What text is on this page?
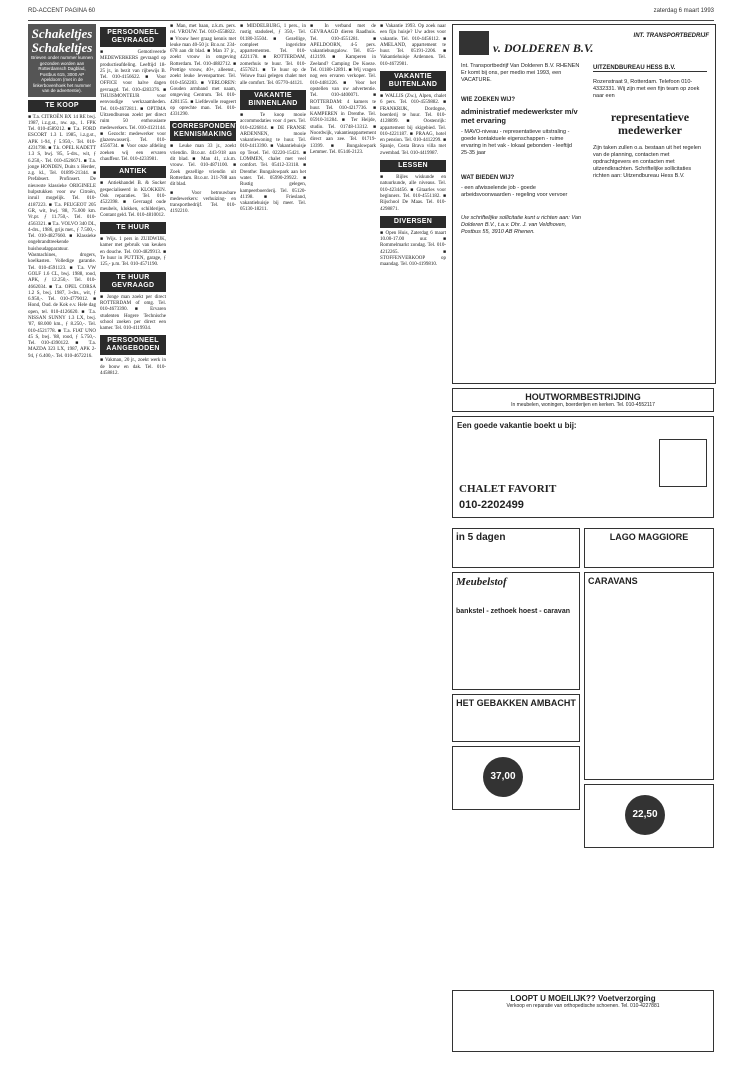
RD-ACCENT PAGINA 60	zaterdag 6 maart 1993
Schakeltjes Schakeltjes
Brieven onder nummer kunnen gezonden worden aan Rotterdamsch Dagblad, Postbus 615, 3000 AP Apeldoorn (met in de linkerbovenhoek het nummer van de advertentie).
TE KOOP

■ T.a. CITROËN BX 14 RE bwj. 1987, i.z.g.st., nw. ap., 1. FPK Tel. 010-4589212. ■ T.a. FORD ESCORT 1.3 L 1985, i.z.g.st., APK 1-94, ƒ 5.950,-. Tel. 010-4231798. ■ T.k. OPEL KADETT 1.3 S, bwj. '85, 5-drs., wit, ƒ 6.250,-. Tel. 010-4526671. ■ T.a. jonge HONDEN, Duits x Herder, z.g. kl., Tel. 01899-21344. ■ Prefabsert. Profinsert. De nieuwste klassieke ORIGINELE hulpstukken voor uw Citroën, inruil mogelijk. Tel. 010-4187223. ■ T.a. PEUGEOT 205 GR, wit, bwj. '88, 75.000 km. Vr.pr. ƒ 11.750,-. Tel. 010-4563321. ■ T.a. VOLVO 340 DL, 4-drs., 1986, grijs met., ƒ 7.500,-. Tel. 010-4827660. ■ Klassieke ongebrandtreekende huishoudapparatuur. Wasmachines, drogers, koelkasten. Volledige garantie. Tel. 010-4591123. ■ T.a. VW GOLF 1.6 CL, bwj. 1988, rood, APK, ƒ 12.250,-. Tel. 010-4662034. ■ T.a. OPEL CORSA 1.2 S, bwj. 1987, 3-drs., wit, ƒ 6.950,-. Tel. 010-4779012. ■ Hond, Oud. de Kok e.v. Hele dag open, tel. 010-4126620. ■ T.a. NISSAN SUNNY 1.3 LX, bwj. '87, 68.000 km., ƒ 8.250,-. Tel. 010-4521778. ■ T.a. FIAT UNO 45 S, bwj. '88, rood, ƒ 5.750,-. Tel. 010-4390122. ■ T.a. MAZDA 323 LX, 1987, APK 2-94, ƒ 6.400,-. Tel. 010-4672216.

PERSOONEEL GEVRAAGD

■ Gemotiveerde MEDEWERKERS gevraagd op productieafdeling. Leeftijd 18-25 jr., in bezit van rijbewijs B. Tel. 010-4156622. ■ Voor OFFICE voor halve dagen gevraagd. Tel. 010-4283376. ■ THUISMONTEUR voor eenvoudige werkzaamheden. Tel. 010-4672811. ■ OPTIMA Uitzendbureau zoekt per direct ruim 50 enthousiaste medewerkers. Tel. 010-4121144. ■ Gezocht: medewerker voor glazenwasserij. Tel. 010-4556734. ■ Voor onze afdeling zoeken wij een ervaren chauffeur. Tel. 010-4233981.

ANTIEK

■ Antiekhandel B. & Sucker gespecialiseerd in KLOKKEN. Ook reparaties. Tel. 010-4522398. ■ Gevraagd oude meubels, klokken, schilderijen, Contant geld. Tel. 010-4810012.

TE HUUR

■ Wijs. 1 pers in ZUIDWIJK, kamer met gebruik van keuken en douche. Tel. 010-4829913. ■ Te huur in PUTTEN, garage, ƒ 125,- p.m. Tel. 010-4571190.

TE HUUR GEVRAAGD

■ Jonge man zoekt per direct ROTTERDAM of omg. Tel. 010-4673390. ■ Ervaren studenten Hogere Technische school zoeken per direct een kamer. Tel. 010-4119934.

PERSOONEEL AANGEBODEN

■ Vakman, 20 jr., zoekt werk in de bouw en dak. Tel. 010-4458812.

■ Man, met baan, z.k.m. pers. rel. VROUW. Tel. 010-4558822. ■ Vrouw heer graag kennis met leuke man 40-50 jr. Br.o.nr. 234-678 aan dit blad. ■ Man 37 jr., zoekt vrouw in omgeving Rotterdam. Tel. 010-4882712. ■ Prettige vrouw, 40+, alleenst., zoekt leuke levenspartner. Tel. 010-4562283. ■ VERLOREN: Gouden armband met naam, omgeving Centrum. Tel. 010-4281155. ■ Liefdevolle reageert op oprechte man. Tel. 010-4331290.

CORRESPONDENTIE KENNISMAKING

■ Leuke man 33 jr., zoekt vriendin. Br.o.nr. 443-918 aan dit blad. ■ Man 41, z.k.m. vrouw. Tel. 010-4871100. ■ Zoek gezellige vriendin uit Rotterdam. Br.o.nr. 311-788 aan dit blad.

■ Voor betrouwbare medewerkers: verhuizing- en transportbedrijf. Tel. 010-4192210.

■ MIDDELBURG, 1 pers., in rustig stadsdeel, ƒ 350,- Tel. 01180-35504. ■ Gezellige, compleet ingerichte appartementen. Tel. 010-4221178. ■ ROTTERDAM, zomerhuis te huur. Tel. 010-4557621. ■ Te huur op de Veluwe fraai gelegen chalet met alle comfort. Tel. 05770-44121.

VAKANTIE BINNENLAND

■ Te koop mooie accommodaties voor 4 pers. Tel. 010-4226814. ■ DE FRANSE ARDENNEN, mooie vakantiewoning te huur. Tel. 010-4413390. ■ Vakantiehuisje op Texel. Tel. 02220-15421. ■ LOMMEN, chalet met veel comfort. Tel. 05412-33118. ■ Drenthe: Bungalowpark aan het water. Tel. 05990-29922. ■ Rustig gelegen, kampeerboerderij. Tel. 05120-41198. ■ Friesland, vakantiehuisje bij meer. Tel. 05130-18211.

■ In verband met de GEVRAAGD dieren Raadhuis. Tel. 010-4551281. ■ APELDOORN, 4-5 pers. vakantiebungalow. Tel. 055-412199. ■ Kamperen in Zeeland? Camping De Koeze. Tel. 01180-12891. ■ Wij vragen nog een ervaren verkoper. Tel. 010-4481226. ■ Voor het opstellen van uw advertentie. Tel. 010-4400071. ■ ROTTERDAM: 4 kamers te huur. Tel. 010-4217736. ■ KAMPEREN in Drenthe. Tel. 05910-31284. ■ Ter Heijde, studio. Tel. 01748-13312. ■ Noordwijk, vakantieappartement direct aan zee. Tel. 01719-13399. ■ Bungalowpark Lemmer. Tel. 05146-2123.

■ Vakantie 1993. Op zoek naar een fijn huisje? Uw adres voor vakantie. Tel. 010-4456112. ■ AMELAND, appartement te huur. Tel. 05191-2206. ■ Vakantiehuisje Ardennen. Tel. 010-4672981.

VAKANTIE BUITENLAND

■ WALLIS (Zw.), Alpen, chalet 6 pers. Tel. 010-4559882. ■ FRANKRIJK, Dordogne, boerderij te huur. Tel. 010-4128899. ■ Oostenrijk: appartement bij skigebied. Tel. 010-4221187. ■ PRAAG, hotel en pension. Tel. 010-4412299. ■ Spanje, Costa Brava villa met zwembad. Tel. 010-4419987.

LESSEN

■ Bijles wiskunde en natuurkunde, alle niveaus. Tel. 010-4234456. ■ Gitaarles voor beginners. Tel. 010-4551182. ■ Rijschool De Maas. Tel. 010-4298871.

DIVERSEN

■ Open Huis, Zaterdag 6 maart 10.00-17.00 uur. ■ Rommelmarkt zondag. Tel. 010-4212265. ■ STOFFENVERKOOP op maandag. Tel. 010-4199810.

INT. TRANSPORTBEDRIJF
v. DOLDEREN B.V.
Int. Transportbedrijf Van Dolderen B.V. RHENEN Er komt bij ons, per medio mei 1993, een VACATURE.
WIE ZOEKEN WIJ?
administratief medewerkster m/v met ervaring
- MAVO-niveau - representatieve uitstraling - goede kontaktuele eigenschappen - ruime ervaring in het vak - lokaal gebonden - leeftijd 25-35 jaar
WAT BIEDEN WIJ?
- een afwisselende job - goede arbeidsvoorwaarden - regeling voor vervoer
Uw schriftelijke sollicitatie kunt u richten aan: Van Dolderen B.V., t.a.v. Dhr. J. van Veldhoven, Postbus 55, 3910 AB Rhenen.
UITZENDBUREAU HESS B.V.
Rozenstraat 9, Rotterdam. Telefoon 010-4332331. Wij zijn met een fijn team op zoek naar een
representatieve medewerker
Zijn taken zullen o.a. bestaan uit het regelen van de planning, contacten met opdrachtgevers en contacten met uitzendkrachten. Schriftelijke sollicitaties richten aan: Uitzendbureau Hess B.V.
HOUTWORMBESTRIJDING
In meubelen, woningen, boerderijen en kerken. Tel. 010-4552117
Een goede vakantie boekt u bij:
CHALET FAVORIT
010-2202499
in 5 dagen
Meubelstof
bankstel - zethoek hoest - caravan
HET GEBAKKEN AMBACHT
37,00
LAGO MAGGIORE
CARAVANS
22,50
LOOPT U MOEILIJK?? Voetverzorging
Verkoop en reparatie van orthopedische schoenen. Tel. 010-4227881
